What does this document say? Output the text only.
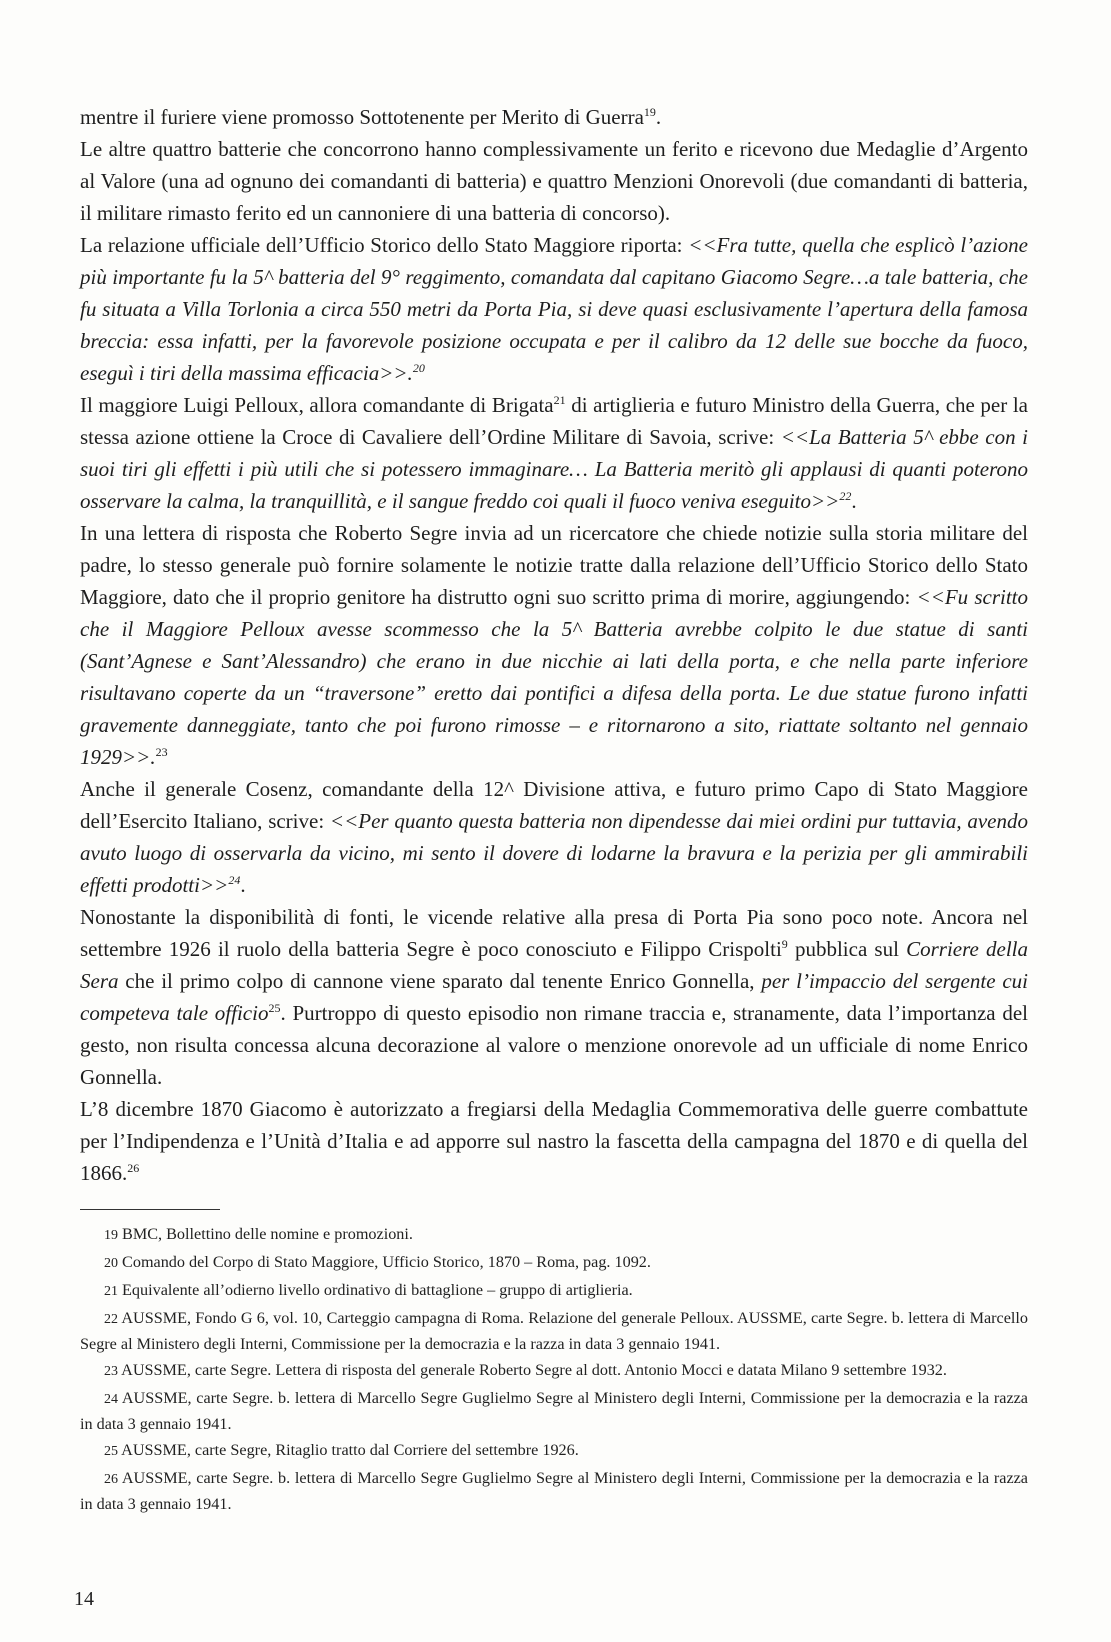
mentre il furiere viene promosso Sottotenente per Merito di Guerra$^{19}$.

Le altre quattro batterie che concorrono hanno complessivamente un ferito e ricevono due Medaglie d’Argento al Valore (una ad ognuno dei comandanti di batteria) e quattro Menzioni Onorevoli (due comandanti di batteria, il militare rimasto ferito ed un cannoniere di una batteria di concorso).

La relazione ufficiale dell’Ufficio Storico dello Stato Maggiore riporta: <<Fra tutte, quella che esplicò l’azione più importante fu la 5^ batteria del 9° reggimento, comandata dal capitano Giacomo Segre…a tale batteria, che fu situata a Villa Torlonia a circa 550 metri da Porta Pia, si deve quasi esclusivamente l’apertura della famosa breccia: essa infatti, per la favorevole posizione occupata e per il calibro da 12 delle sue bocche da fuoco, eseguì i tiri della massima efficacia>>.$^{20}$

Il maggiore Luigi Pelloux, allora comandante di Brigata$^{21}$ di artiglieria e futuro Ministro della Guerra, che per la stessa azione ottiene la Croce di Cavaliere dell’Ordine Militare di Savoia, scrive: <<La Batteria 5^ ebbe con i suoi tiri gli effetti i più utili che si potessero immaginare… La Batteria meritò gli applausi di quanti poterono osservare la calma, la tranquillità, e il sangue freddo coi quali il fuoco veniva eseguito>>$^{22}$.

In una lettera di risposta che Roberto Segre invia ad un ricercatore che chiede notizie sulla storia militare del padre, lo stesso generale può fornire solamente le notizie tratte dalla relazione dell’Ufficio Storico dello Stato Maggiore, dato che il proprio genitore ha distrutto ogni suo scritto prima di morire, aggiungendo: <<Fu scritto che il Maggiore Pelloux avesse scommesso che la 5^ Batteria avrebbe colpito le due statue di santi (Sant’Agnese e Sant’Alessandro) che erano in due nicchie ai lati della porta, e che nella parte inferiore risultavano coperte da un “traversone” eretto dai pontifici a difesa della porta. Le due statue furono infatti gravemente danneggiate, tanto che poi furono rimosse – e ritornarono a sito, riattate soltanto nel gennaio 1929>>.$^{23}$

Anche il generale Cosenz, comandante della 12^ Divisione attiva, e futuro primo Capo di Stato Maggiore dell’Esercito Italiano, scrive: <<Per quanto questa batteria non dipendesse dai miei ordini pur tuttavia, avendo avuto luogo di osservarla da vicino, mi sento il dovere di lodarne la bravura e la perizia per gli ammirabili effetti prodotti>>$^{24}$.

Nonostante la disponibilità di fonti, le vicende relative alla presa di Porta Pia sono poco note. Ancora nel settembre 1926 il ruolo della batteria Segre è poco conosciuto e Filippo Crispolti$^9$ pubblica sul Corriere della Sera che il primo colpo di cannone viene sparato dal tenente Enrico Gonnella, per l’impaccio del sergente cui competeva tale officio$^{25}$. Purtroppo di questo episodio non rimane traccia e, stranamente, data l’importanza del gesto, non risulta concessa alcuna decorazione al valore o menzione onorevole ad un ufficiale di nome Enrico Gonnella.

L’8 dicembre 1870 Giacomo è autorizzato a fregiarsi della Medaglia Commemorativa delle guerre combattute per l’Indipendenza e l’Unità d’Italia e ad apporre sul nastro la fascetta della campagna del 1870 e di quella del 1866.26

19 BMC, Bollettino delle nomine e promozioni.

20 Comando del Corpo di Stato Maggiore, Ufficio Storico, 1870 – Roma, pag. 1092.

21 Equivalente all’odierno livello ordinativo di battaglione – gruppo di artiglieria.

22 AUSSME, Fondo G 6, vol. 10, Carteggio campagna di Roma. Relazione del generale Pelloux. AUSSME, carte Segre. b. lettera di Marcello Segre al Ministero degli Interni, Commissione per la democrazia e la razza in data 3 gennaio 1941.

23 AUSSME, carte Segre. Lettera di risposta del generale Roberto Segre al dott. Antonio Mocci e datata Milano 9 settembre 1932.

24 AUSSME, carte Segre. b. lettera di Marcello Segre Guglielmo Segre al Ministero degli Interni, Commissione per la democrazia e la razza in data 3 gennaio 1941.

25 AUSSME, carte Segre, Ritaglio tratto dal Corriere del settembre 1926.

26 AUSSME, carte Segre. b. lettera di Marcello Segre Guglielmo Segre al Ministero degli Interni, Commissione per la democrazia e la razza in data 3 gennaio 1941.

14
